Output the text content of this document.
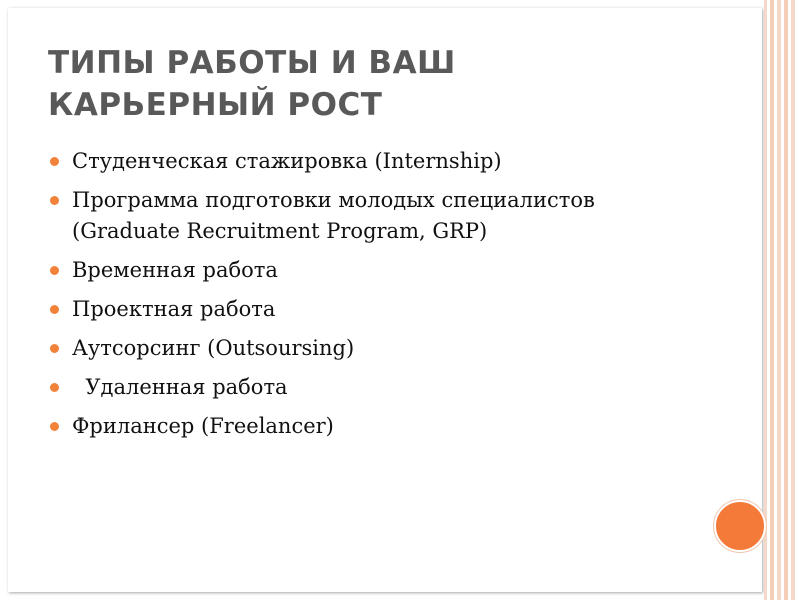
ТИПЫ РАБОТЫ И ВАШ
КАРЬЕРНЫЙ РОСТ
Студенческая стажировка (Internship)
Программа подготовки молодых специалистов
(Graduate Recruitment Program, GRP)
Временная работа
Проектная работа
Аутсорсинг (Outsoursing)
Удаленная работа
Фрилансер (Freelancer)
